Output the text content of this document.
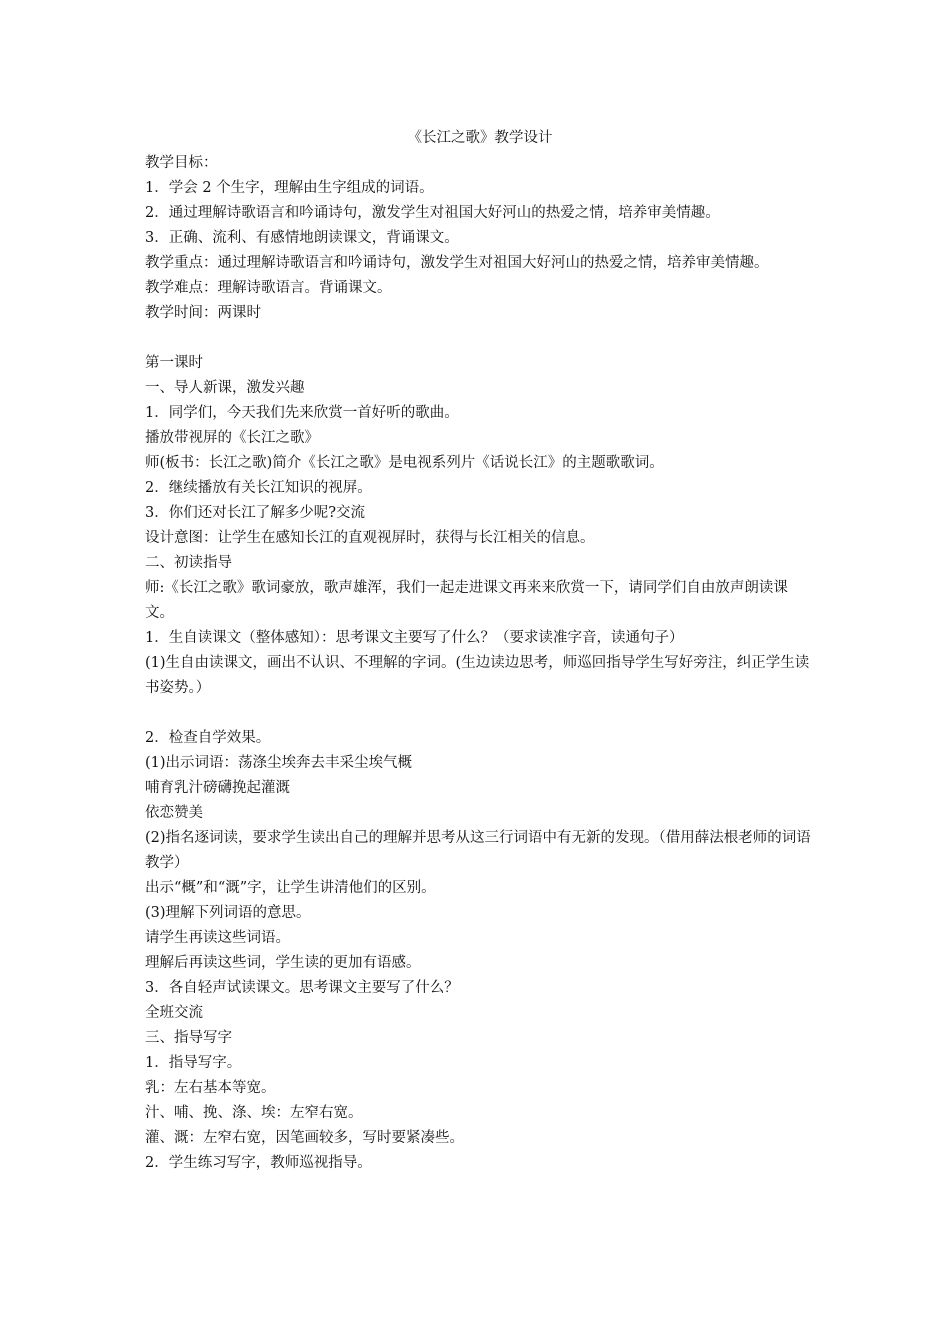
《长江之歌》教学设计

教学目标：

1．学会 2 个生字，理解由生字组成的词语。

2．通过理解诗歌语言和吟诵诗句，激发学生对祖国大好河山的热爱之情，培养审美情趣。

3．正确、流利、有感情地朗读课文，背诵课文。

教学重点：通过理解诗歌语言和吟诵诗句，激发学生对祖国大好河山的热爱之情，培养审美情趣。

教学难点：理解诗歌语言。背诵课文。

教学时间：两课时

第一课时

一、导人新课，激发兴趣

1．同学们，今天我们先来欣赏一首好听的歌曲。

播放带视屏的《长江之歌》

师(板书：长江之歌)简介《长江之歌》是电视系列片《话说长江》的主题歌歌词。

2．继续播放有关长江知识的视屏。

3．你们还对长江了解多少呢?交流

设计意图：让学生在感知长江的直观视屏时，获得与长江相关的信息。

二、初读指导

师:《长江之歌》歌词豪放，歌声雄浑，我们一起走进课文再来来欣赏一下，请同学们自由放声朗读课文。

1．生自读课文（整体感知）：思考课文主要写了什么？（要求读准字音，读通句子）

(1)生自由读课文，画出不认识、不理解的字词。(生边读边思考，师巡回指导学生写好旁注，纠正学生读书姿势。）

2．检查自学效果。

(1)出示词语：荡涤尘埃奔去丰采尘埃气概

哺育乳汁磅礴挽起灌溉

依恋赞美

(2)指名逐词读，要求学生读出自己的理解并思考从这三行词语中有无新的发现。（借用薛法根老师的词语教学）

出示“概”和“溉”字，让学生讲清他们的区别。

(3)理解下列词语的意思。

请学生再读这些词语。

理解后再读这些词，学生读的更加有语感。

3．各自轻声试读课文。思考课文主要写了什么？

全班交流

三、指导写字

1．指导写字。

乳：左右基本等宽。

汁、哺、挽、涤、埃：左窄右宽。

灌、溉：左窄右宽，因笔画较多，写时要紧凑些。

2．学生练习写字，教师巡视指导。
